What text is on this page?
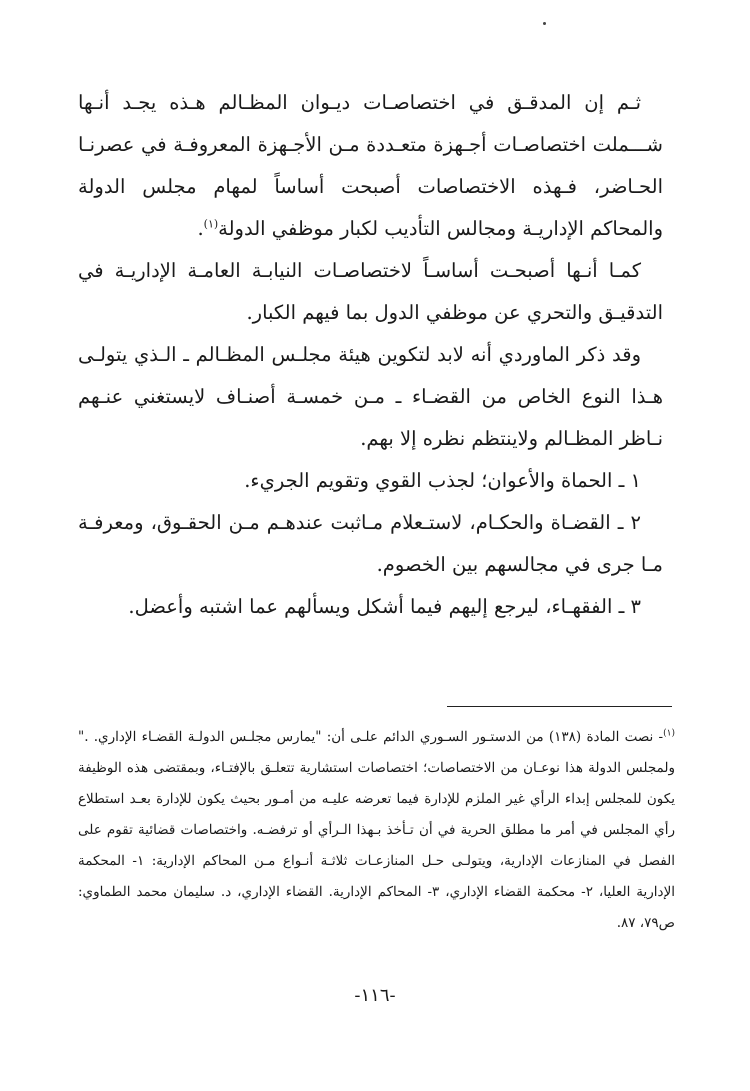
ثـم إن المدقـق في اختصاصـات ديـوان المظـالم هـذه يجـد أنـها شـــملت اختصاصـات أجـهزة متعـددة مـن الأجـهزة المعروفـة في عصرنـا الحـاضر، فـهذه الاختصاصات أصبحت أساساً لمهام مجلس الدولة والمحاكم الإداريـة ومجالس التأديب لكبار موظفي الدولة$^{(١)}$.

كمـا أنـها أصبحـت أساسـاً لاختصاصـات النيابـة العامـة الإداريـة في التدقيـق والتحري عن موظفي الدول بما فيهم الكبار.

وقد ذكر الماوردي أنه لابد لتكوين هيئة مجلـس المظـالم ـ الـذي يتولـى هـذا النوع الخاص من القضـاء ـ مـن خمسـة أصنـاف لايستغني عنـهم نـاظر المظـالم ولاينتظم نظره إلا بهم.

١ ـ الحماة والأعوان؛ لجذب القوي وتقويم الجريء.

٢ ـ القضـاة والحكـام، لاستـعلام مـاثبت عندهـم مـن الحقـوق، ومعرفـة مـا جرى في مجالسهم بين الخصوم.

٣ ـ الفقهـاء، ليرجع إليهم فيما أشكل ويسألهم عما اشتبه وأعضل.

$^{(١)}$- نصت المادة (١٣٨) من الدستـور السـوري الدائم علـى أن: "يمارس مجلـس الدولـة القضـاء الإداري. ." ولمجلس الدولة هذا نوعـان من الاختصاصات؛ اختصاصات استشارية تتعلـق بالإفتـاء، وبمقتضى هذه الوظيفة يكون للمجلس إبداء الرأي غير الملزم للإدارة فيما تعرضه عليـه من أمـور بحيث يكون للإدارة بعـد استطلاع رأي المجلس في أمر ما مطلق الحرية في أن تـأخذ بـهذا الـرأي أو ترفضـه. واختصاصات قضائية تقوم على الفصل في المنازعات الإدارية، ويتولـى حـل المنازعـات ثلاثـة أنـواع مـن المحاكم الإدارية: ١- المحكمة الإدارية العليا، ٢- محكمة القضاء الإداري، ٣- المحاكم الإدارية. القضاء الإداري، د. سليمان محمد الطماوي: ص٧٩، ٨٧.

-١١٦-
